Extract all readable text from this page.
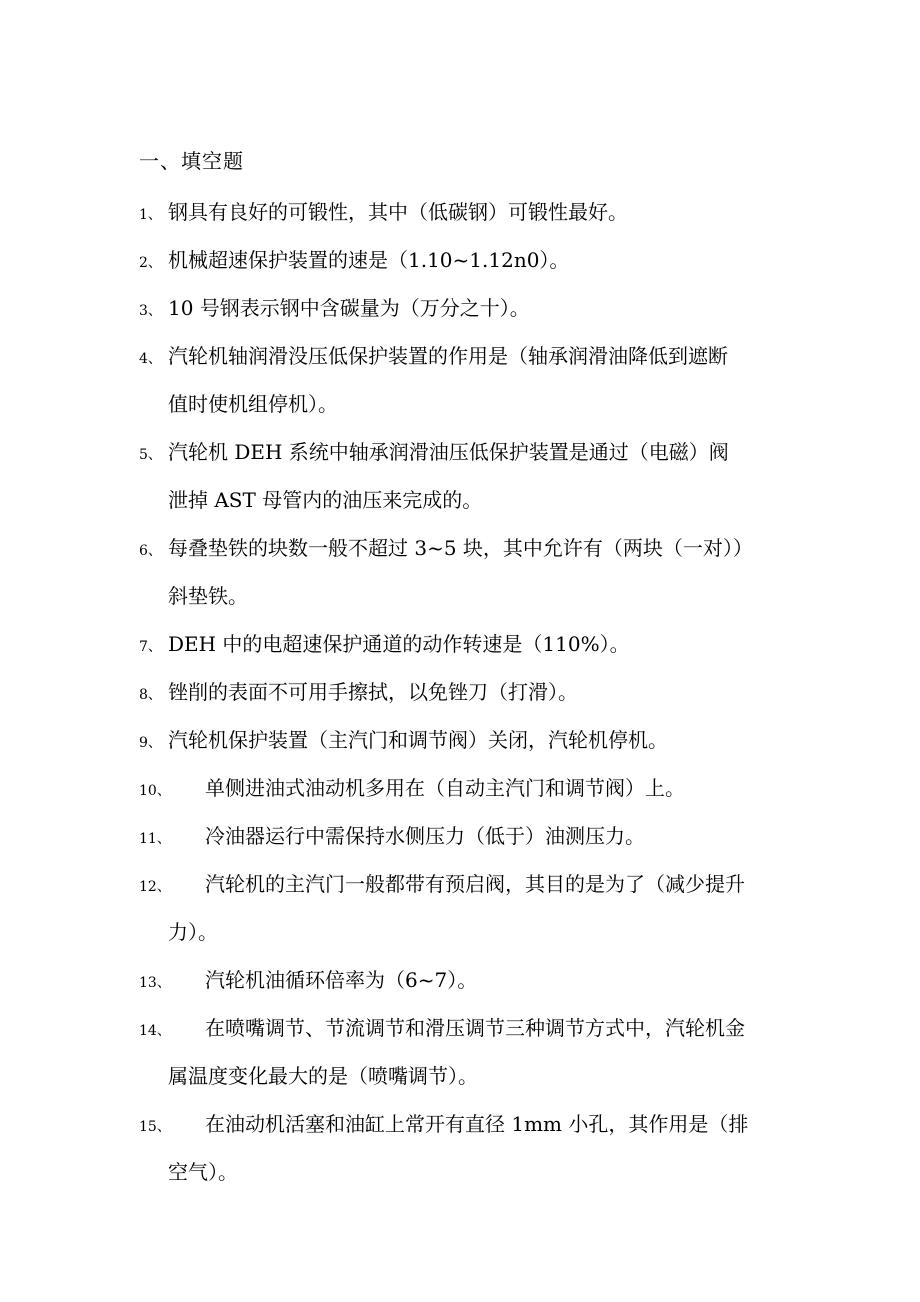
一、填空题
1、 钢具有良好的可锻性，其中（低碳钢）可锻性最好。
2、 机械超速保护装置的速是（1.10~1.12n0）。
3、 10 号钢表示钢中含碳量为（万分之十）。
4、 汽轮机轴润滑没压低保护装置的作用是（轴承润滑油降低到遮断
值时使机组停机）。
5、 汽轮机 DEH 系统中轴承润滑油压低保护装置是通过（电磁）阀
泄掉 AST 母管内的油压来完成的。
6、 每叠垫铁的块数一般不超过 3~5 块，其中允许有（两块（一对））
斜垫铁。
7、 DEH 中的电超速保护通道的动作转速是（110%）。
8、 锉削的表面不可用手擦拭，以免锉刀（打滑）。
9、 汽轮机保护装置（主汽门和调节阀）关闭，汽轮机停机。
10、	单侧进油式油动机多用在（自动主汽门和调节阀）上。
11、	冷油器运行中需保持水侧压力（低于）油测压力。
12、	汽轮机的主汽门一般都带有预启阀，其目的是为了（减少提升
力）。
13、	汽轮机油循环倍率为（6~7）。
14、	在喷嘴调节、节流调节和滑压调节三种调节方式中，汽轮机金
属温度变化最大的是（喷嘴调节）。
15、	在油动机活塞和油缸上常开有直径 1mm 小孔，其作用是（排
空气）。
